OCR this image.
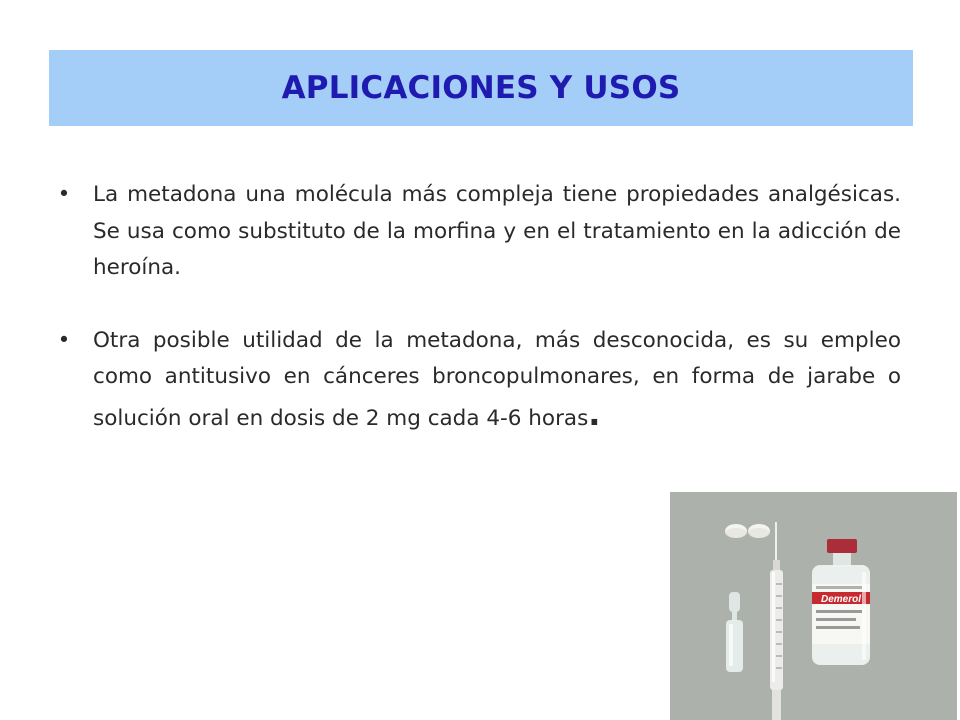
APLICACIONES Y USOS
• La metadona una molécula más compleja tiene propiedades analgésicas. Se usa como substituto de la morfina y en el tratamiento en la adicción de heroína.
• Otra posible utilidad de la metadona, más desconocida, es su empleo como antitusivo en cánceres broncopulmonares, en forma de jarabe o solución oral en dosis de 2 mg cada 4-6 horas.
Demerol
